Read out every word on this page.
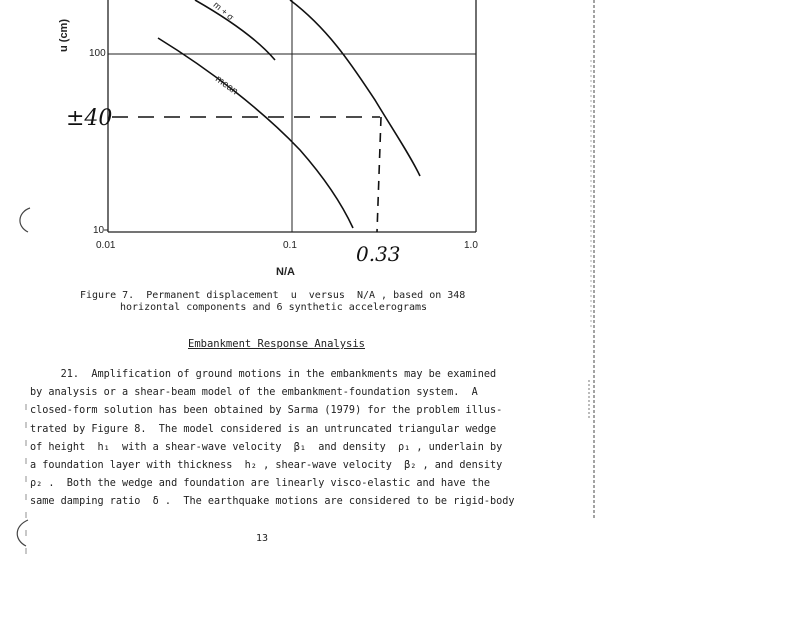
100
10
0.01	0.1	1.0
u (cm)
N/A
m + σ
mean
±40
0.33
Figure 7.  Permanent displacement  u  versus  N/A , based on 348
horizontal components and 6 synthetic accelerograms
Embankment Response Analysis
21.  Amplification of ground motions in the embankments may be examined
by analysis or a shear-beam model of the embankment-foundation system.  A
closed-form solution has been obtained by Sarma (1979) for the problem illus-
trated by Figure 8.  The model considered is an untruncated triangular wedge
of height  h₁  with a shear-wave velocity  β₁  and density  ρ₁ , underlain by
a foundation layer with thickness  h₂ , shear-wave velocity  β₂ , and density
ρ₂ .  Both the wedge and foundation are linearly visco-elastic and have the
same damping ratio  δ .  The earthquake motions are considered to be rigid-body
13
